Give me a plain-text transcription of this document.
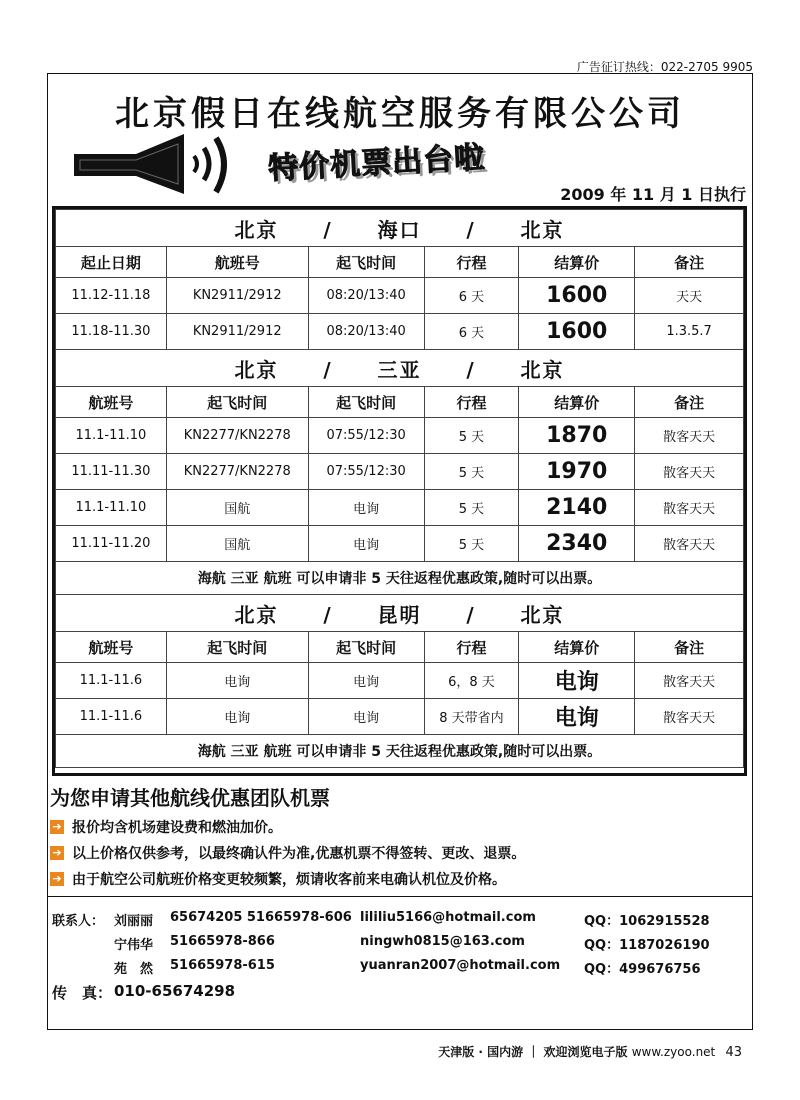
广告征订热线：022-2705 9905
北京假日在线航空服务有限公公司
特价机票出台啦
2009 年 11 月 1 日执行
北京 / 海口 / 北京					
起止日期	航班号	起飞时间	行程	结算价	备注
11.12-11.18	KN2911/2912	08:20/13:40	6 天	1600	天天
11.18-11.30	KN2911/2912	08:20/13:40	6 天	1600	1.3.5.7
北京 / 三亚 / 北京					
航班号	起飞时间	起飞时间	行程	结算价	备注
11.1-11.10	KN2277/KN2278	07:55/12:30	5 天	1870	散客天天
11.11-11.30	KN2277/KN2278	07:55/12:30	5 天	1970	散客天天
11.1-11.10	国航	电询	5 天	2140	散客天天
11.11-11.20	国航	电询	5 天	2340	散客天天
海航 三亚 航班 可以申请非 5 天往返程优惠政策,随时可以出票。					
北京 / 昆明 / 北京					
航班号	起飞时间	起飞时间	行程	结算价	备注
11.1-11.6	电询	电询	6，8 天	电询	散客天天
11.1-11.6	电询	电询	8 天带省内	电询	散客天天
海航 三亚 航班 可以申请非 5 天往返程优惠政策,随时可以出票。					
为您申请其他航线优惠团队机票
➔ 报价均含机场建设费和燃油加价。
➔ 以上价格仅供参考，以最终确认件为准,优惠机票不得签转、更改、退票。
➔ 由于航空公司航班价格变更较频繁，烦请收客前来电确认机位及价格。
联系人： 刘丽丽 65674205 51665978-606 lililiu5166@hotmail.com	QQ：1062915528
宁伟华 51665978-866	ningwh0815@163.com	QQ：1187026190
苑　然 51665978-615	yuanran2007@hotmail.com QQ：499676756
传　真： 010-65674298
天津版 · 国内游 ｜ 欢迎浏览电子版 www.zyoo.net 43
